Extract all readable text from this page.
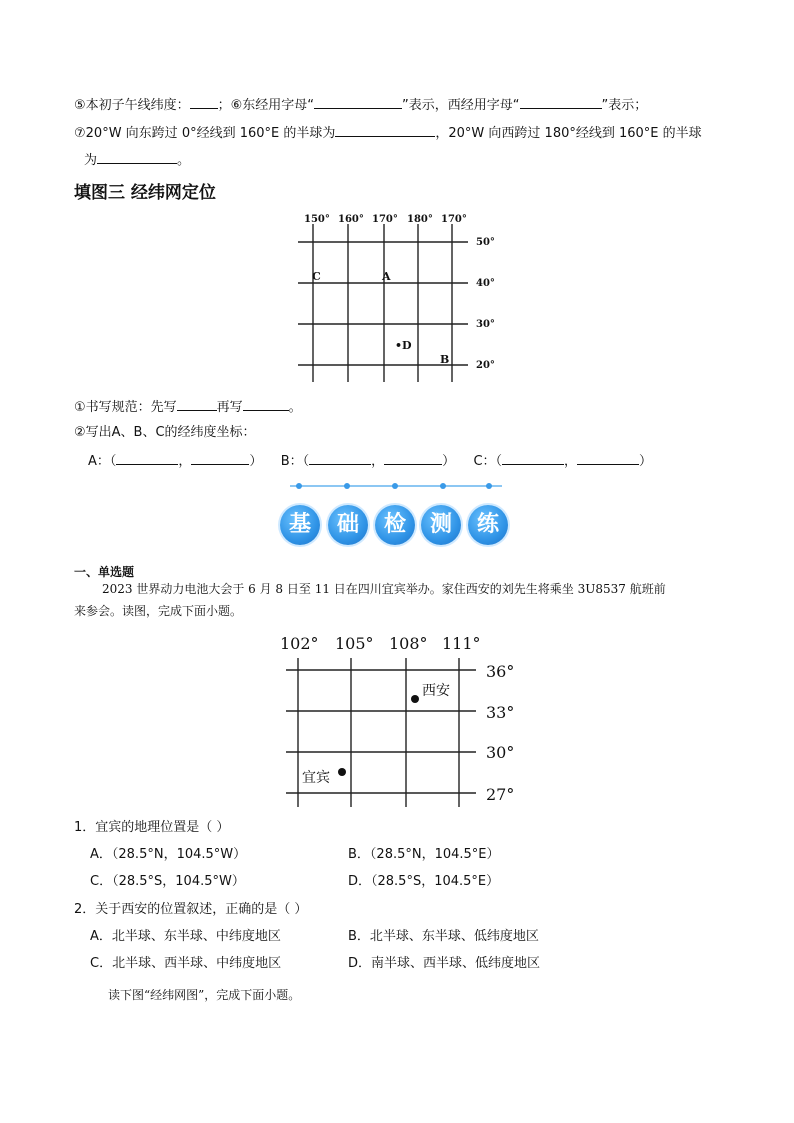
⑤本初子午线纬度： ；⑥东经用字母“	”表示，西经用字母“	”表示；
⑦20°W 向东跨过 0°经线到 160°E 的半球为	，20°W 向西跨过 180°经线到 160°E 的半球
为	。
填图三 经纬网定位
150° 160° 170° 180° 170°
50°
40°
30°
20°
C	A
•D
B
①书写规范：先写	再写	。
②写出A、B、C的经纬度坐标：
A：（	，	） B：（	，	） C：（	，	）
基	础	检	测	练
一、单选题
2023 世界动力电池大会于 6 月 8 日至 11 日在四川宜宾举办。家住西安的刘先生将乘坐 3U8537 航班前
来参会。读图，完成下面小题。
102° 105° 108° 111°
36°
33°
30°
27°
西安
宜宾
1．宜宾的地理位置是（ ）
A．（28.5°N，104.5°W）	B．（28.5°N，104.5°E）
C．（28.5°S，104.5°W）	D．（28.5°S，104.5°E）
2．关于西安的位置叙述，正确的是（ ）
A．北半球、东半球、中纬度地区	B．北半球、东半球、低纬度地区
C．北半球、西半球、中纬度地区	D．南半球、西半球、低纬度地区
读下图“经纬网图”，完成下面小题。
